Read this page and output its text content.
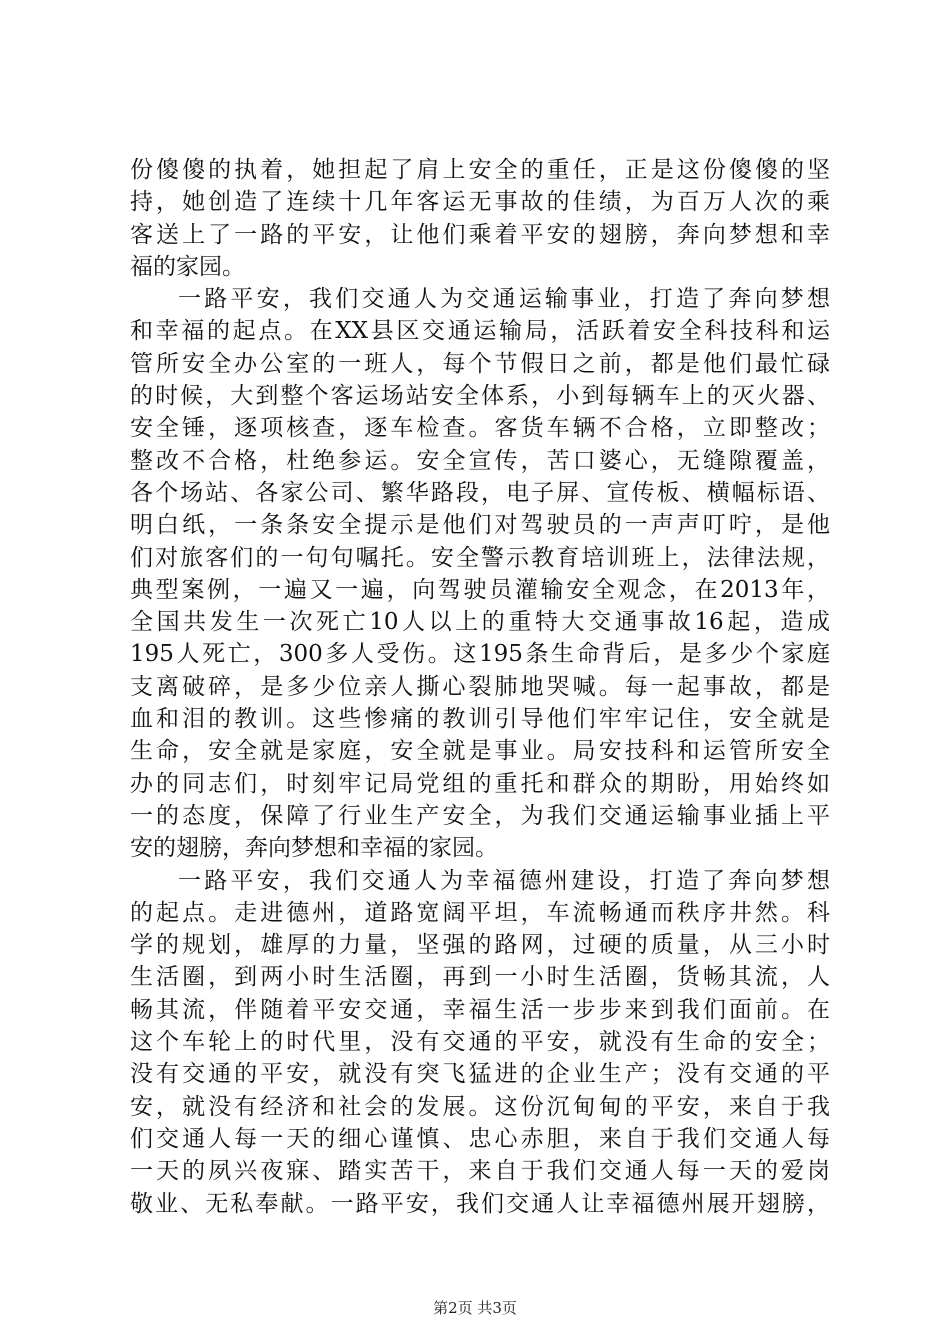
份傻傻的执着，她担起了肩上安全的重任，正是这份傻傻的坚
持，她创造了连续十几年客运无事故的佳绩，为百万人次的乘
客送上了一路的平安，让他们乘着平安的翅膀，奔向梦想和幸
福的家园。
一路平安，我们交通人为交通运输事业，打造了奔向梦想
和幸福的起点。在XX县区交通运输局，活跃着安全科技科和运
管所安全办公室的一班人，每个节假日之前，都是他们最忙碌
的时候，大到整个客运场站安全体系，小到每辆车上的灭火器、
安全锤，逐项核查，逐车检查。客货车辆不合格，立即整改；
整改不合格，杜绝参运。安全宣传，苦口婆心，无缝隙覆盖，
各个场站、各家公司、繁华路段，电子屏、宣传板、横幅标语、
明白纸，一条条安全提示是他们对驾驶员的一声声叮咛，是他
们对旅客们的一句句嘱托。安全警示教育培训班上，法律法规，
典型案例，一遍又一遍，向驾驶员灌输安全观念，在2013年，
全国共发生一次死亡10人以上的重特大交通事故16起，造成
195人死亡，300多人受伤。这195条生命背后，是多少个家庭
支离破碎，是多少位亲人撕心裂肺地哭喊。每一起事故，都是
血和泪的教训。这些惨痛的教训引导他们牢牢记住，安全就是
生命，安全就是家庭，安全就是事业。局安技科和运管所安全
办的同志们，时刻牢记局党组的重托和群众的期盼，用始终如
一的态度，保障了行业生产安全，为我们交通运输事业插上平
安的翅膀，奔向梦想和幸福的家园。
一路平安，我们交通人为幸福德州建设，打造了奔向梦想
的起点。走进德州，道路宽阔平坦，车流畅通而秩序井然。科
学的规划，雄厚的力量，坚强的路网，过硬的质量，从三小时
生活圈，到两小时生活圈，再到一小时生活圈，货畅其流，人
畅其流，伴随着平安交通，幸福生活一步步来到我们面前。在
这个车轮上的时代里，没有交通的平安，就没有生命的安全；
没有交通的平安，就没有突飞猛进的企业生产；没有交通的平
安，就没有经济和社会的发展。这份沉甸甸的平安，来自于我
们交通人每一天的细心谨慎、忠心赤胆，来自于我们交通人每
一天的夙兴夜寐、踏实苦干，来自于我们交通人每一天的爱岗
敬业、无私奉献。一路平安，我们交通人让幸福德州展开翅膀，
第2页 共3页
